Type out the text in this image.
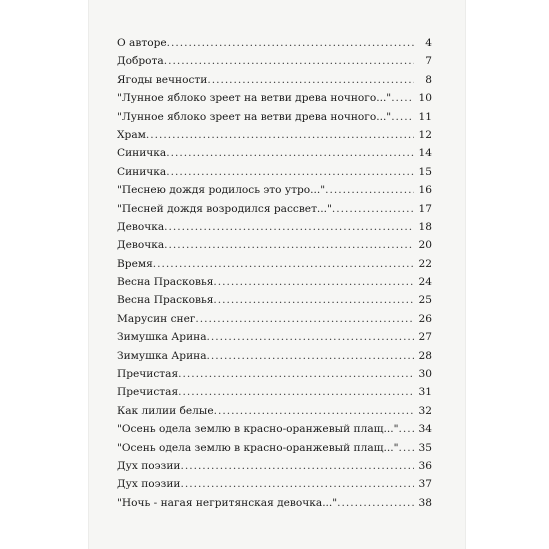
О авторе .....	4
Доброта .....	7
Ягоды вечности .....	8
"Лунное яблоко зреет на ветви древа ночного..." .....	10
"Лунное яблоко зреет на ветви древа ночного..." .....	11
Храм .....	12
Синичка .....	14
Синичка .....	15
"Песнею дождя родилось это утро..." .....	16
"Песней дождя возродился рассвет..." .....	17
Девочка .....	18
Девочка .....	20
Время .....	22
Весна Прасковья .....	24
Весна Прасковья .....	25
Марусин снег .....	26
Зимушка Арина .....	27
Зимушка Арина .....	28
Пречистая .....	30
Пречистая .....	31
Как лилии белые .....	32
"Осень одела землю в красно-оранжевый плащ..." .....	34
"Осень одела землю в красно-оранжевый плащ..." .....	35
Дух поэзии .....	36
Дух поэзии .....	37
"Ночь - нагая негритянская девочка..." .....	38
